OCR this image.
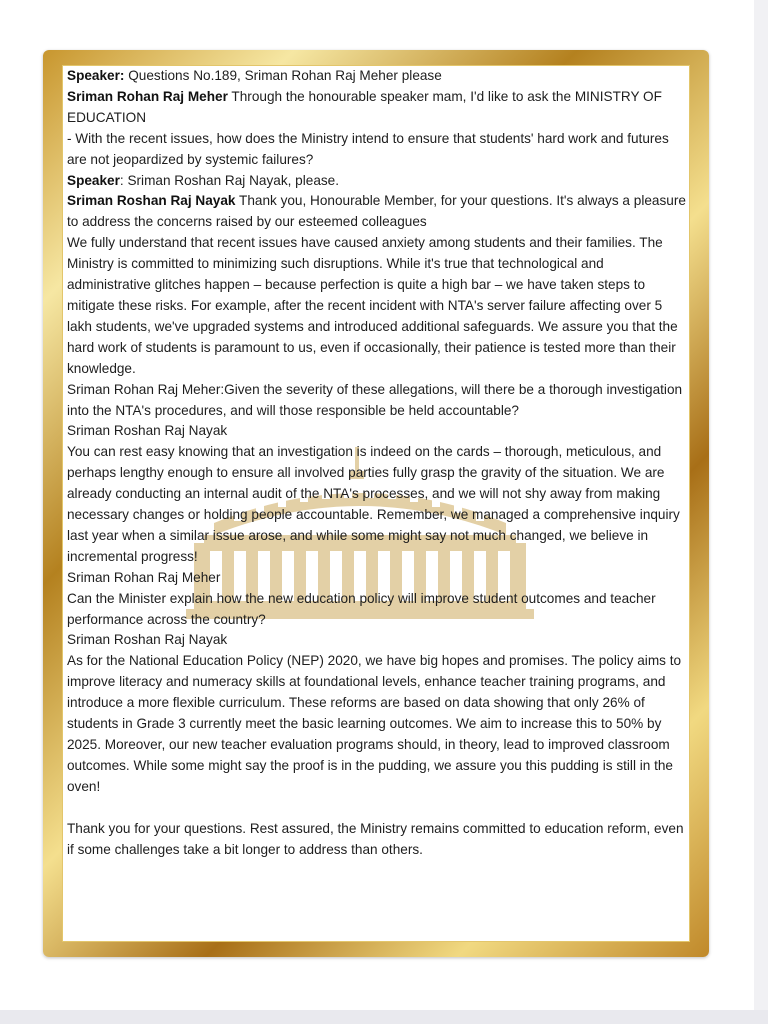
Speaker: Questions No.189, Sriman Rohan Raj Meher please

Sriman Rohan Raj Meher Through the honourable speaker mam, I'd like to ask the MINISTRY OF EDUCATION

- With the recent issues, how does the Ministry intend to ensure that students' hard work and futures are not jeopardized by systemic failures?

Speaker: Sriman Roshan Raj Nayak, please.

Sriman Roshan Raj Nayak Thank you, Honourable Member, for your questions. It's always a pleasure to address the concerns raised by our esteemed colleagues

We fully understand that recent issues have caused anxiety among students and their families. The Ministry is committed to minimizing such disruptions. While it's true that technological and administrative glitches happen – because perfection is quite a high bar – we have taken steps to mitigate these risks. For example, after the recent incident with NTA's server failure affecting over 5 lakh students, we've upgraded systems and introduced additional safeguards. We assure you that the hard work of students is paramount to us, even if occasionally, their patience is tested more than their knowledge.

Sriman Rohan Raj Meher:Given the severity of these allegations, will there be a thorough investigation into the NTA's procedures, and will those responsible be held accountable?

Sriman Roshan Raj Nayak

You can rest easy knowing that an investigation is indeed on the cards – thorough, meticulous, and perhaps lengthy enough to ensure all involved parties fully grasp the gravity of the situation. We are already conducting an internal audit of the NTA's processes, and we will not shy away from making necessary changes or holding people accountable. Remember, we managed a comprehensive inquiry last year when a similar issue arose, and while some might say not much changed, we believe in incremental progress!

Sriman Rohan Raj Meher

Can the Minister explain how the new education policy will improve student outcomes and teacher performance across the country?

Sriman Roshan Raj Nayak

As for the National Education Policy (NEP) 2020, we have big hopes and promises. The policy aims to improve literacy and numeracy skills at foundational levels, enhance teacher training programs, and introduce a more flexible curriculum. These reforms are based on data showing that only 26% of students in Grade 3 currently meet the basic learning outcomes. We aim to increase this to 50% by 2025. Moreover, our new teacher evaluation programs should, in theory, lead to improved classroom outcomes. While some might say the proof is in the pudding, we assure you this pudding is still in the oven!

Thank you for your questions. Rest assured, the Ministry remains committed to education reform, even if some challenges take a bit longer to address than others.
